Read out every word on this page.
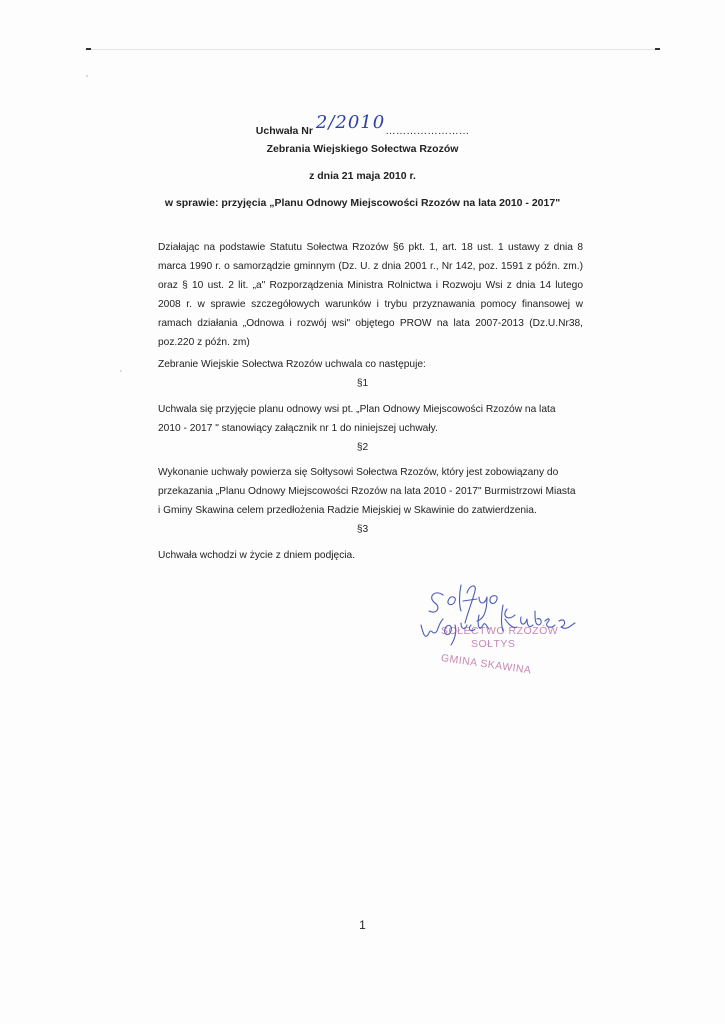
Uchwała Nr 2/2010……………………
Zebrania Wiejskiego Sołectwa Rzozów
z dnia 21 maja 2010 r.
w sprawie: przyjęcia „Planu Odnowy Miejscowości Rzozów na lata 2010 - 2017"
Działając na podstawie Statutu Sołectwa Rzozów §6 pkt. 1, art. 18 ust. 1 ustawy z dnia 8
marca 1990 r. o samorządzie gminnym (Dz. U. z dnia 2001 r., Nr 142, poz. 1591 z późn. zm.)
oraz § 10 ust. 2 lit. „a" Rozporządzenia Ministra Rolnictwa i Rozwoju Wsi z dnia 14 lutego
2008 r. w sprawie szczegółowych warunków i trybu przyznawania pomocy finansowej w
ramach działania „Odnowa i rozwój wsi" objętego PROW na lata 2007-2013 (Dz.U.Nr38,
poz.220 z późn. zm)
Zebranie Wiejskie Sołectwa Rzozów uchwala co następuje:
§1
Uchwala się przyjęcie planu odnowy wsi pt. „Plan Odnowy Miejscowości Rzozów na lata
2010 - 2017 " stanowiący załącznik nr 1 do niniejszej uchwały.
§2
Wykonanie uchwały powierza się Sołtysowi Sołectwa Rzozów, który jest zobowiązany do
przekazania „Planu Odnowy Miejscowości Rzozów na lata 2010 - 2017" Burmistrzowi Miasta
i Gminy Skawina celem przedłożenia Radzie Miejskiej w Skawinie do zatwierdzenia.
§3
Uchwała wchodzi w życie z dniem podjęcia.
SOŁECTWO RZOZÓW
SOŁTYS
GMINA SKAWINA
1
